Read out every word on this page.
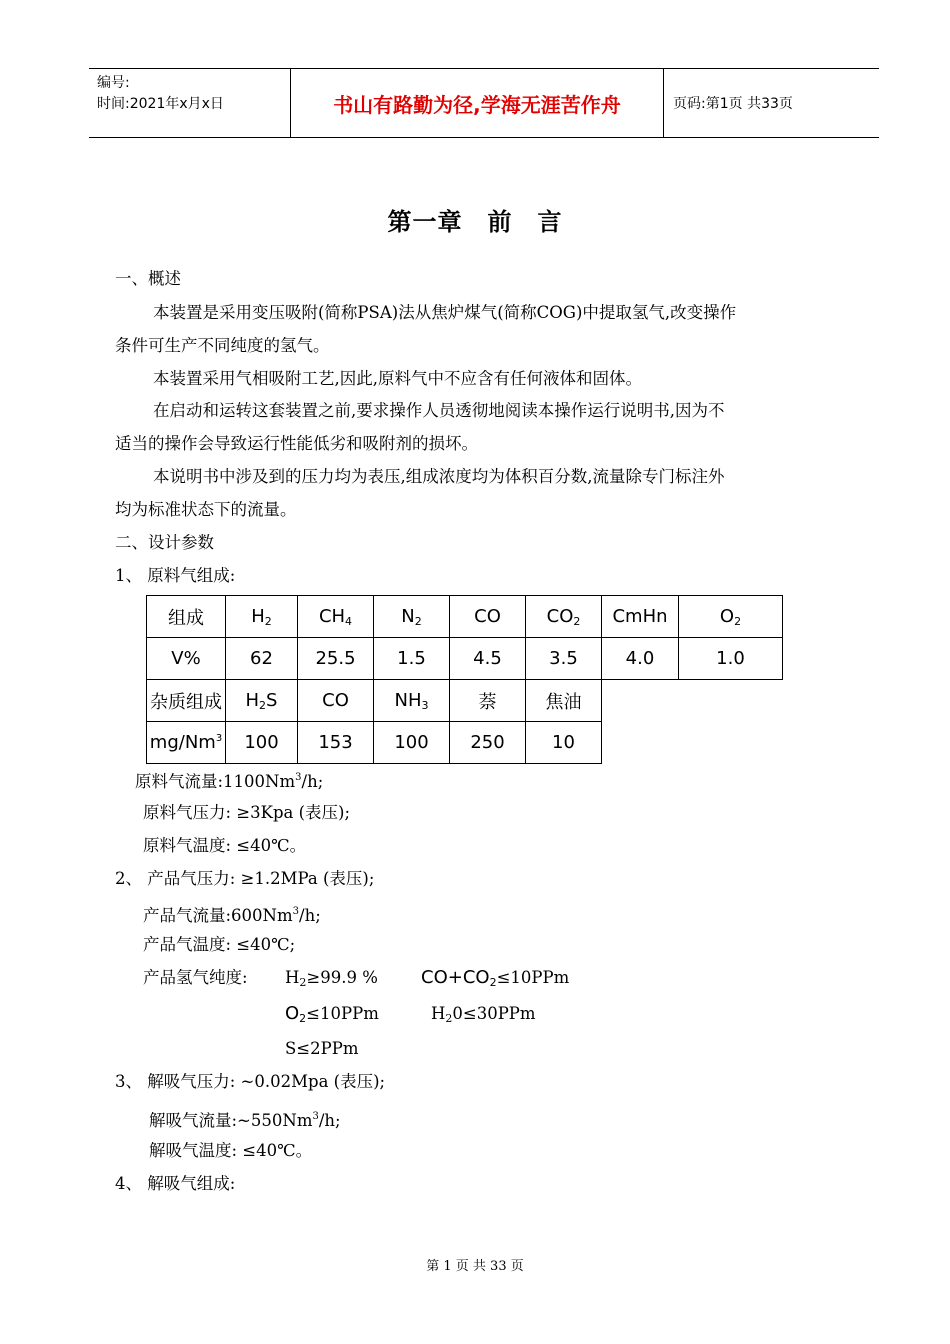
编号:
时间:2021年x月x日	书山有路勤为径,学海无涯苦作舟	页码:第1页 共33页
第一章　前　言
一、概述
本装置是采用变压吸附(简称PSA)法从焦炉煤气(简称COG)中提取氢气,改变操作
条件可生产不同纯度的氢气。
本装置采用气相吸附工艺,因此,原料气中不应含有任何液体和固体。
在启动和运转这套装置之前,要求操作人员透彻地阅读本操作运行说明书,因为不
适当的操作会导致运行性能低劣和吸附剂的损坏。
本说明书中涉及到的压力均为表压,组成浓度均为体积百分数,流量除专门标注外
均为标准状态下的流量。
二、设计参数
1、 原料气组成:
组成	$H_2$	$CH_4$	$N_2$	CO	$CO_2$	CmHn	$O_2$
V%	62	25.5	1.5	4.5	3.5	4.0	1.0
杂质组成	$H_2S$	CO	$NH_3$	萘	焦油		
mg/Nm$^3$	100	153	100	250	10		
原料气流量:1100Nm$^3$/h;
原料气压力: ≥3Kpa (表压);
原料气温度: ≤40℃。
2、 产品气压力: ≥1.2MPa (表压);
产品气流量:600Nm$^3$/h;
产品气温度: ≤40℃;
产品氢气纯度: $H_2\ge 99.9$ % $CO+CO_2\le 10PPm$
$O_2\le 10PPm$	$H_20\le 30PPm$
S≤2PPm
3、 解吸气压力: ~0.02Mpa (表压);
解吸气流量:~550Nm$^3$/h;
解吸气温度: ≤40℃。
4、 解吸气组成:
第 1 页 共 33 页
